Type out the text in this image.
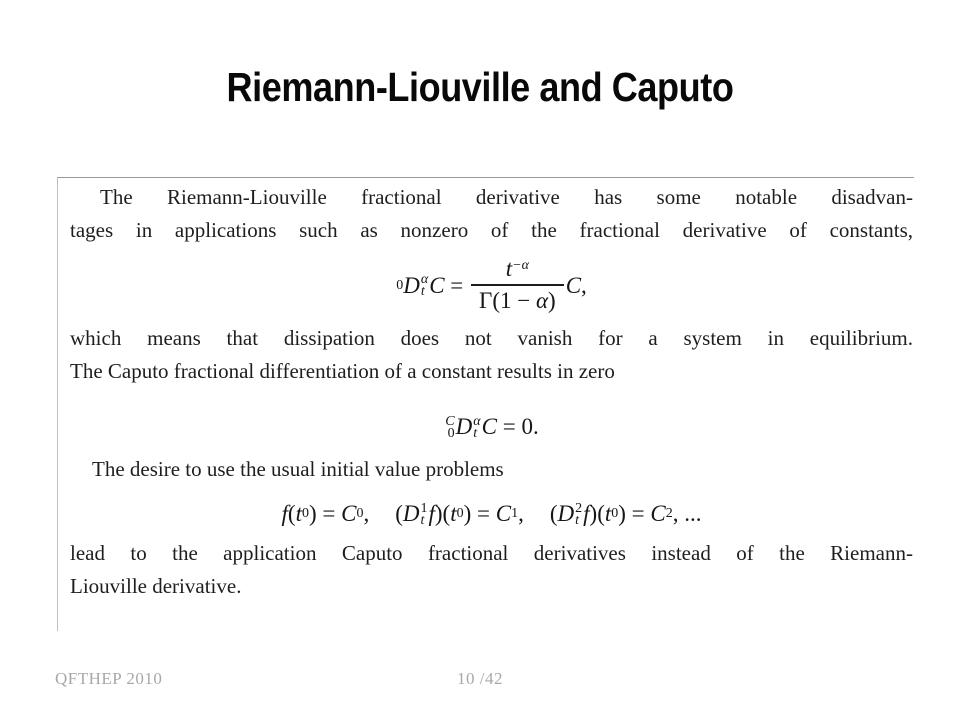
Riemann-Liouville and Caputo
The Riemann-Liouville fractional derivative has some notable disadvan-
tages in applications such as nonzero of the fractional derivative of constants,
0 D α
t $C = \frac{t^{-\alpha}}{\Gamma(1 - \alpha)}$ C ,
which means that dissipation does not vanish for a system in equilibrium.
The Caputo fractional differentiation of a constant results in zero
C
0 D α
t C = 0.
The desire to use the usual initial value problems
f ( t 0 ) = C 0 , ( D 1
t f )( t 0 ) = C 1 , ( D 2
t f )( t 0 ) = C 2 , ...
lead to the application Caputo fractional derivatives instead of the Riemann-
Liouville derivative.
10 /42
QFTHEP 2010
